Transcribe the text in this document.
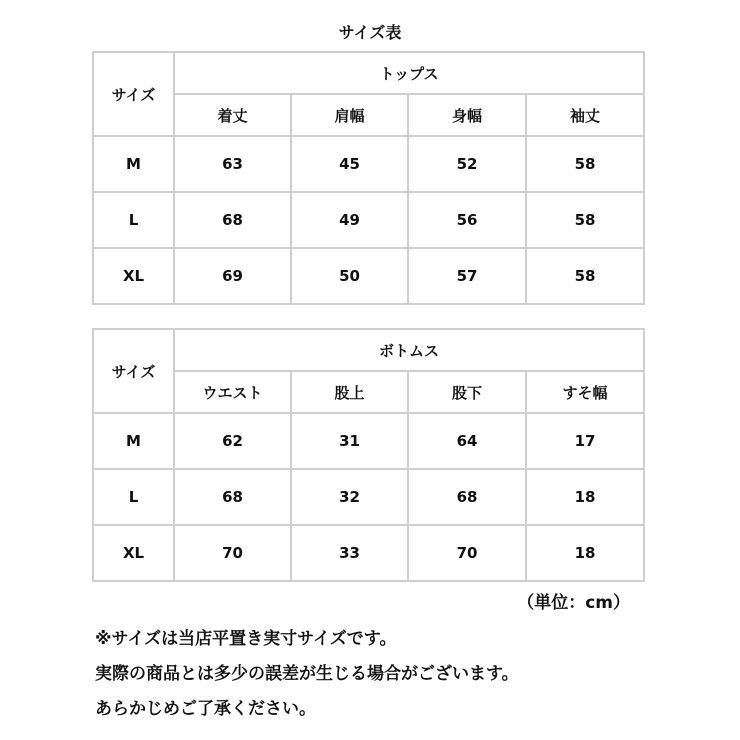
サイズ表
サイズ	トップス			
	着丈	肩幅	身幅	袖丈
M	63	45	52	58
L	68	49	56	58
XL	69	50	57	58
サイズ	ボトムス			
	ウエスト	股上	股下	すそ幅
M	62	31	64	17
L	68	32	68	18
XL	70	33	70	18
（単位：cm）
※サイズは当店平置き実寸サイズです。
実際の商品とは多少の誤差が生じる場合がございます。
あらかじめご了承ください。
